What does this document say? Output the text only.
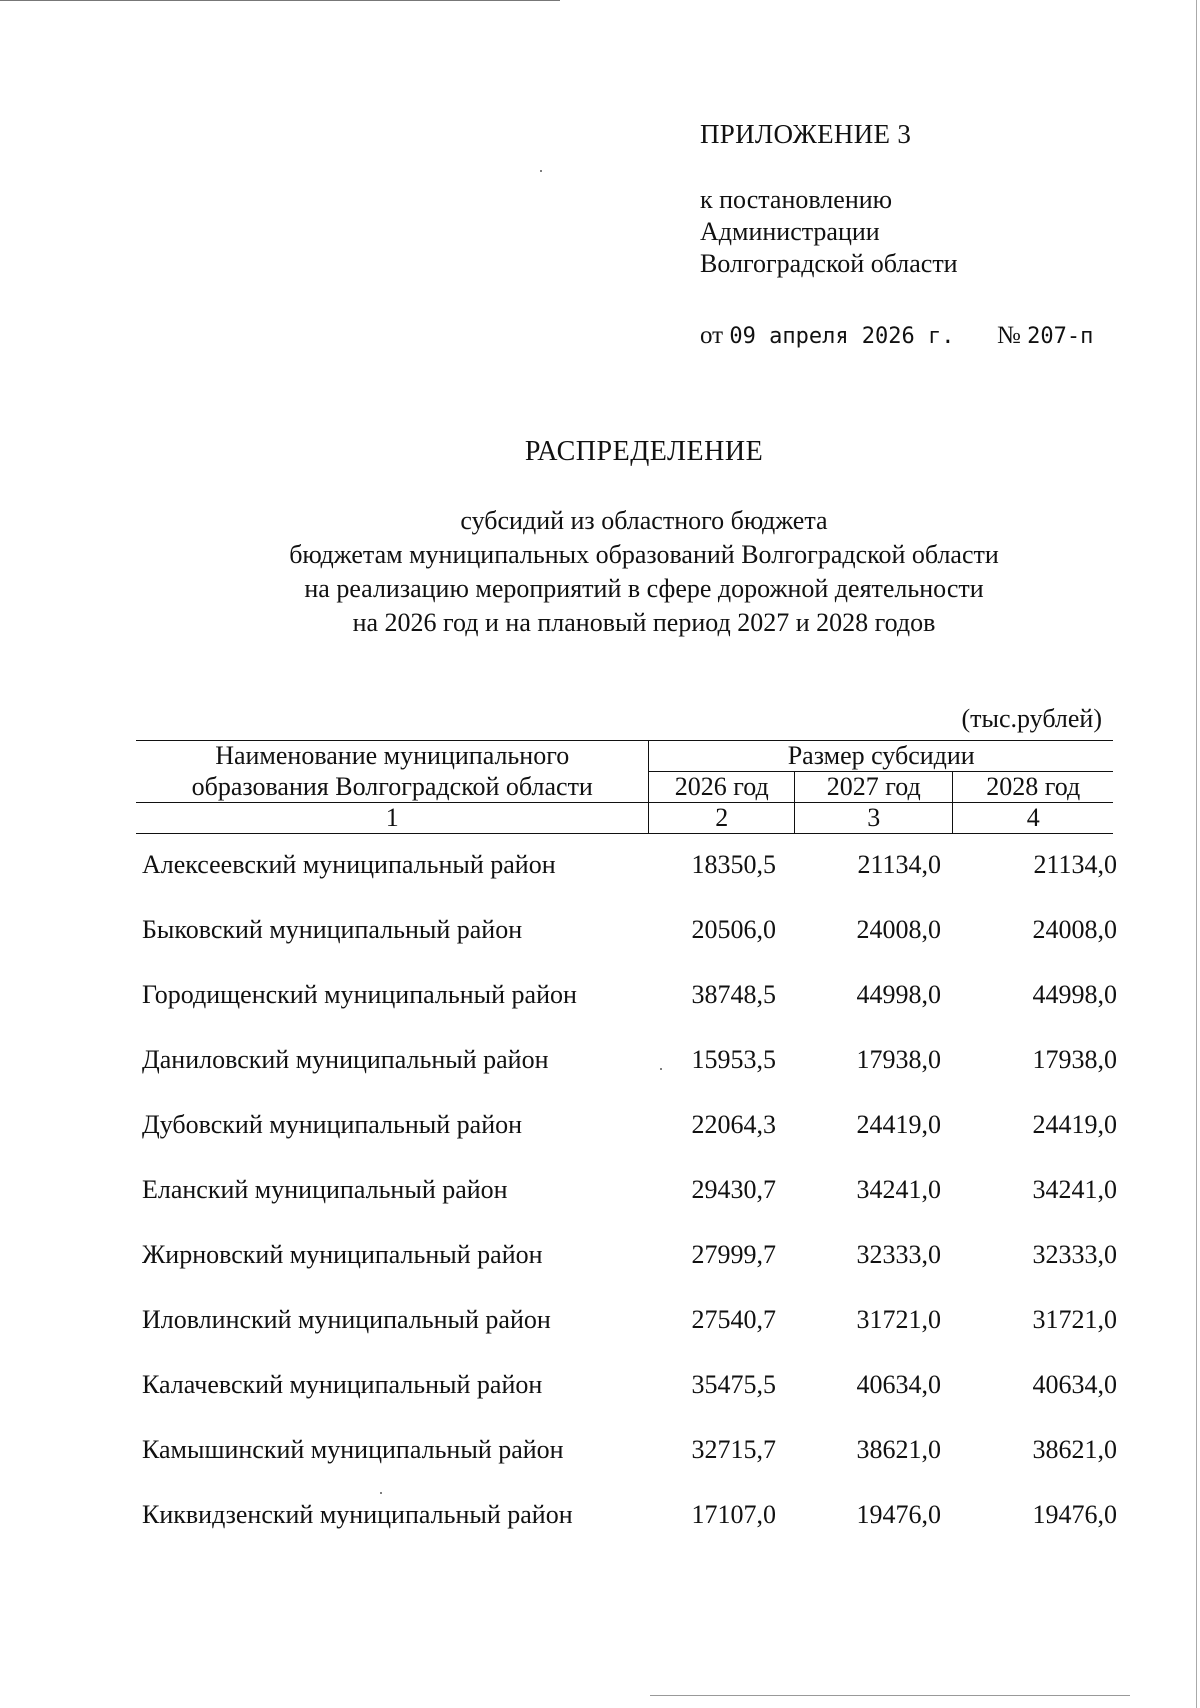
ПРИЛОЖЕНИЕ 3
к постановлению
Администрации
Волгоградской области
от 09 апреля 2026 г. № 207-п
РАСПРЕДЕЛЕНИЕ
субсидий из областного бюджета
бюджетам муниципальных образований Волгоградской области
на реализацию мероприятий в сфере дорожной деятельности
на 2026 год и на плановый период 2027 и 2028 годов
(тыс.рублей)
Наименование муниципального	Размер субсидии		
образования Волгоградской области	2026 год	2027 год	2028 год
1	2	3	4
Алексеевский муниципальный район	18350,5	21134,0	21134,0
Быковский муниципальный район	20506,0	24008,0	24008,0
Городищенский муниципальный район	38748,5	44998,0	44998,0
Даниловский муниципальный район	15953,5	17938,0	17938,0
Дубовский муниципальный район	22064,3	24419,0	24419,0
Еланский муниципальный район	29430,7	34241,0	34241,0
Жирновский муниципальный район	27999,7	32333,0	32333,0
Иловлинский муниципальный район	27540,7	31721,0	31721,0
Калачевский муниципальный район	35475,5	40634,0	40634,0
Камышинский муниципальный район	32715,7	38621,0	38621,0
Киквидзенский муниципальный район	17107,0	19476,0	19476,0
